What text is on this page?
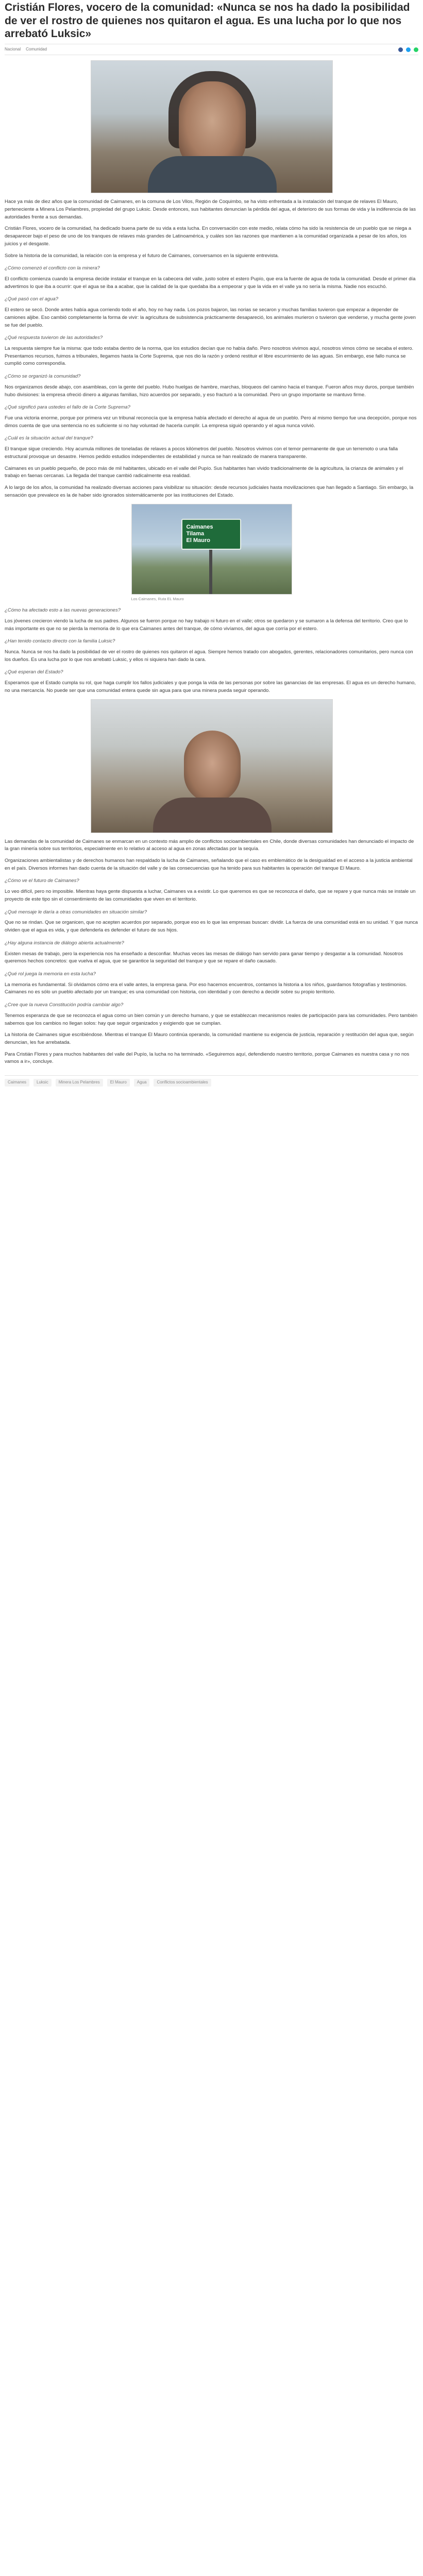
Cristián Flores, vocero de la comunidad: «Nunca se nos ha dado la posibilidad de ver el rostro de quienes nos quitaron el agua. Es una lucha por lo que nos arrebató Luksic»
Nacional Comunidad

Hace ya más de diez años que la comunidad de Caimanes, en la comuna de Los Vilos, Región de Coquimbo, se ha visto enfrentada a la instalación del tranque de relaves El Mauro, perteneciente a Minera Los Pelambres, propiedad del grupo Luksic. Desde entonces, sus habitantes denuncian la pérdida del agua, el deterioro de sus formas de vida y la indiferencia de las autoridades frente a sus demandas.

Cristián Flores, vocero de la comunidad, ha dedicado buena parte de su vida a esta lucha. En conversación con este medio, relata cómo ha sido la resistencia de un pueblo que se niega a desaparecer bajo el peso de uno de los tranques de relaves más grandes de Latinoamérica, y cuáles son las razones que mantienen a la comunidad organizada a pesar de los años, los juicios y el desgaste.

Sobre la historia de la comunidad, la relación con la empresa y el futuro de Caimanes, conversamos en la siguiente entrevista.

¿Cómo comenzó el conflicto con la minera?

El conflicto comienza cuando la empresa decide instalar el tranque en la cabecera del valle, justo sobre el estero Pupío, que era la fuente de agua de toda la comunidad. Desde el primer día advertimos lo que iba a ocurrir: que el agua se iba a acabar, que la calidad de la que quedaba iba a empeorar y que la vida en el valle ya no sería la misma. Nadie nos escuchó.

¿Qué pasó con el agua?

El estero se secó. Donde antes había agua corriendo todo el año, hoy no hay nada. Los pozos bajaron, las norias se secaron y muchas familias tuvieron que empezar a depender de camiones aljibe. Eso cambió completamente la forma de vivir: la agricultura de subsistencia prácticamente desapareció, los animales murieron o tuvieron que venderse, y mucha gente joven se fue del pueblo.

¿Qué respuesta tuvieron de las autoridades?

La respuesta siempre fue la misma: que todo estaba dentro de la norma, que los estudios decían que no había daño. Pero nosotros vivimos aquí, nosotros vimos cómo se secaba el estero. Presentamos recursos, fuimos a tribunales, llegamos hasta la Corte Suprema, que nos dio la razón y ordenó restituir el libre escurrimiento de las aguas. Sin embargo, ese fallo nunca se cumplió como correspondía.

¿Cómo se organizó la comunidad?

Nos organizamos desde abajo, con asambleas, con la gente del pueblo. Hubo huelgas de hambre, marchas, bloqueos del camino hacia el tranque. Fueron años muy duros, porque también hubo divisiones: la empresa ofreció dinero a algunas familias, hizo acuerdos por separado, y eso fracturó a la comunidad. Pero un grupo importante se mantuvo firme.

¿Qué significó para ustedes el fallo de la Corte Suprema?

Fue una victoria enorme, porque por primera vez un tribunal reconocía que la empresa había afectado el derecho al agua de un pueblo. Pero al mismo tiempo fue una decepción, porque nos dimos cuenta de que una sentencia no es suficiente si no hay voluntad de hacerla cumplir. La empresa siguió operando y el agua nunca volvió.

¿Cuál es la situación actual del tranque?

El tranque sigue creciendo. Hoy acumula millones de toneladas de relaves a pocos kilómetros del pueblo. Nosotros vivimos con el temor permanente de que un terremoto o una falla estructural provoque un desastre. Hemos pedido estudios independientes de estabilidad y nunca se han realizado de manera transparente.

Caimanes es un pueblo pequeño, de poco más de mil habitantes, ubicado en el valle del Pupío. Sus habitantes han vivido tradicionalmente de la agricultura, la crianza de animales y el trabajo en faenas cercanas. La llegada del tranque cambió radicalmente esa realidad.

A lo largo de los años, la comunidad ha realizado diversas acciones para visibilizar su situación: desde recursos judiciales hasta movilizaciones que han llegado a Santiago. Sin embargo, la sensación que prevalece es la de haber sido ignorados sistemáticamente por las instituciones del Estado.

Caimanes
Tilama
El Mauro
Los Caimanes, Ruta EL Mauro

¿Cómo ha afectado esto a las nuevas generaciones?

Los jóvenes crecieron viendo la lucha de sus padres. Algunos se fueron porque no hay trabajo ni futuro en el valle; otros se quedaron y se sumaron a la defensa del territorio. Creo que lo más importante es que no se pierda la memoria de lo que era Caimanes antes del tranque, de cómo vivíamos, del agua que corría por el estero.

¿Han tenido contacto directo con la familia Luksic?

Nunca. Nunca se nos ha dado la posibilidad de ver el rostro de quienes nos quitaron el agua. Siempre hemos tratado con abogados, gerentes, relacionadores comunitarios, pero nunca con los dueños. Es una lucha por lo que nos arrebató Luksic, y ellos ni siquiera han dado la cara.

¿Qué esperan del Estado?

Esperamos que el Estado cumpla su rol, que haga cumplir los fallos judiciales y que ponga la vida de las personas por sobre las ganancias de las empresas. El agua es un derecho humano, no una mercancía. No puede ser que una comunidad entera quede sin agua para que una minera pueda seguir operando.

Las demandas de la comunidad de Caimanes se enmarcan en un contexto más amplio de conflictos socioambientales en Chile, donde diversas comunidades han denunciado el impacto de la gran minería sobre sus territorios, especialmente en lo relativo al acceso al agua en zonas afectadas por la sequía.

Organizaciones ambientalistas y de derechos humanos han respaldado la lucha de Caimanes, señalando que el caso es emblemático de la desigualdad en el acceso a la justicia ambiental en el país. Diversos informes han dado cuenta de la situación del valle y de las consecuencias que ha tenido para sus habitantes la operación del tranque El Mauro.

¿Cómo ve el futuro de Caimanes?

Lo veo difícil, pero no imposible. Mientras haya gente dispuesta a luchar, Caimanes va a existir. Lo que queremos es que se reconozca el daño, que se repare y que nunca más se instale un proyecto de este tipo sin el consentimiento de las comunidades que viven en el territorio.

¿Qué mensaje le daría a otras comunidades en situación similar?

Que no se rindan. Que se organicen, que no acepten acuerdos por separado, porque eso es lo que las empresas buscan: dividir. La fuerza de una comunidad está en su unidad. Y que nunca olviden que el agua es vida, y que defenderla es defender el futuro de sus hijos.

¿Hay alguna instancia de diálogo abierta actualmente?

Existen mesas de trabajo, pero la experiencia nos ha enseñado a desconfiar. Muchas veces las mesas de diálogo han servido para ganar tiempo y desgastar a la comunidad. Nosotros queremos hechos concretos: que vuelva el agua, que se garantice la seguridad del tranque y que se repare el daño causado.

¿Qué rol juega la memoria en esta lucha?

La memoria es fundamental. Si olvidamos cómo era el valle antes, la empresa gana. Por eso hacemos encuentros, contamos la historia a los niños, guardamos fotografías y testimonios. Caimanes no es sólo un pueblo afectado por un tranque; es una comunidad con historia, con identidad y con derecho a decidir sobre su propio territorio.

¿Cree que la nueva Constitución podría cambiar algo?

Tenemos esperanza de que se reconozca el agua como un bien común y un derecho humano, y que se establezcan mecanismos reales de participación para las comunidades. Pero también sabemos que los cambios no llegan solos: hay que seguir organizados y exigiendo que se cumplan.

La historia de Caimanes sigue escribiéndose. Mientras el tranque El Mauro continúa operando, la comunidad mantiene su exigencia de justicia, reparación y restitución del agua que, según denuncian, les fue arrebatada.

Para Cristián Flores y para muchos habitantes del valle del Pupío, la lucha no ha terminado. «Seguiremos aquí, defendiendo nuestro territorio, porque Caimanes es nuestra casa y no nos vamos a ir», concluye.

Caimanes	Luksic	Minera Los Pelambres	El Mauro	Agua	Conflictos socioambientales
